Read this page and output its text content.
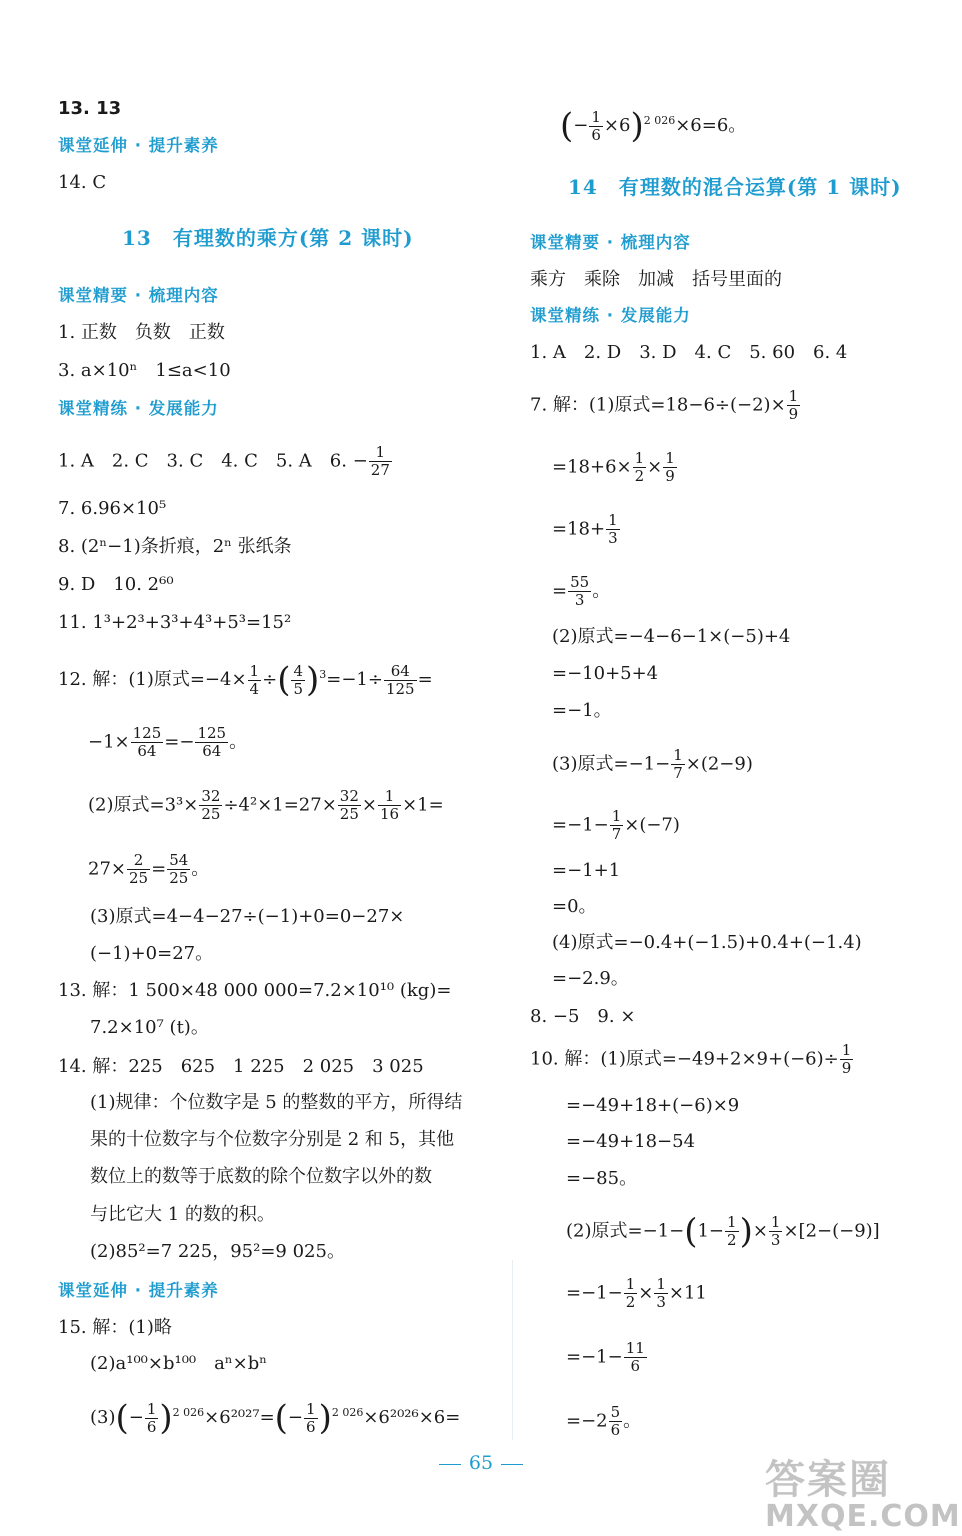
13. 13
课堂延伸 · 提升素养
14. C
13　有理数的乘方(第 2 课时)
课堂精要 · 梳理内容
1. 正数　负数　正数
3. a×10ⁿ　1≤a<10
课堂精练 · 发展能力
1. A　2. C　3. C　4. C　5. A　6. − $\frac{1}{27}$
7. 6.96×10⁵
8. (2ⁿ−1)条折痕，2ⁿ 张纸条
9. D　10. 2⁶⁰
11. 1³+2³+3³+4³+5³=15²
12. 解：(1)原式$=-4\times \frac{1}{4}$ ÷( $\frac{4}{5} )^3=-1\div \frac{64}{125}$ =
$-1\times \frac{125}{64} =- \frac{125}{64}$ 。
(2)原式$=3^3\times \frac{32}{25} \div 4^2\times 1=27\times \frac{32}{25} \times \frac{1}{16} \times 1=$
$27\times \frac{2}{25} = \frac{54}{25}$ 。
(3)原式=4−4−27÷(−1)+0=0−27×
(−1)+0=27。
13. 解：1 500×48 000 000=7.2×10¹⁰ (kg)=
7.2×10⁷ (t)。
14. 解：225　625　1 225　2 025　3 025
(1)规律：个位数字是 5 的整数的平方，所得结
果的十位数字与个位数字分别是 2 和 5，其他
数位上的数等于底数的除个位数字以外的数
与比它大 1 的数的积。
(2)85²=7 225，95²=9 025。
课堂延伸 · 提升素养
15. 解：(1)略
(2)a¹⁰⁰×b¹⁰⁰　aⁿ×bⁿ
$(3)(- \frac{1}{6} )^{2 026}\times 6^{2027}=(- \frac{1}{6} )^{2 026}\times 6^{2026}\times 6=$
(− $\frac{1}{6} \times 6)^{2 026}\times 6=6$。
14　有理数的混合运算(第 1 课时)
课堂精要 · 梳理内容
乘方　乘除　加减　括号里面的
课堂精练 · 发展能力
1. A　2. D　3. D　4. C　5. 60　6. 4
7. 解：(1)原式$=18-6\div(-2)\times \frac{1}{9}$
$=18+6\times \frac{1}{2} \times \frac{1}{9}$
$=18+ \frac{1}{3}$
= $\frac{55}{3}$ 。
(2)原式=−4−6−1×(−5)+4
=−10+5+4
=−1。
(3)原式$=-1- \frac{1}{7} \times(2-9)$
$=-1- \frac{1}{7} \times(-7)$
=−1+1
=0。
(4)原式=−0.4+(−1.5)+0.4+(−1.4)
=−2.9。
8. −5　9. ×
10. 解：(1)原式$=-49+2\times 9+(-6)\div \frac{1}{9}$
=−49+18+(−6)×9
=−49+18−54
=−85。
(2)原式$=-1-(1- \frac{1}{2}$ )× $\frac{1}{3} \times[2-(-9)]$
$=-1- \frac{1}{2} \times \frac{1}{3} \times 11$
$=-1- \frac{11}{6}$
$=-2 \frac{5}{6}$ 。
65	答案圈
MXQE.COM
